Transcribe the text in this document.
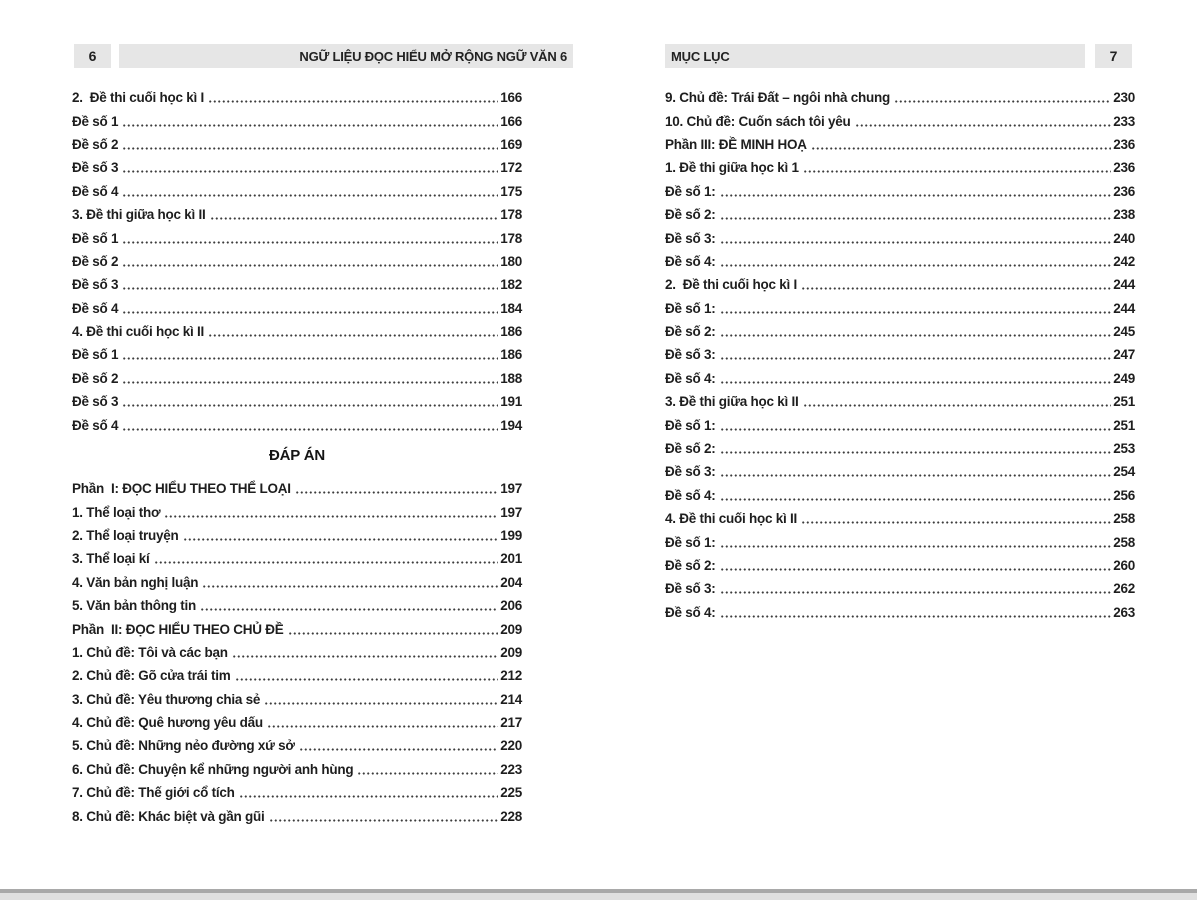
6	NGỮ LIỆU ĐỌC HIỂU MỞ RỘNG NGỮ VĂN 6	MỤC LỤC	7
2.  Đề thi cuối học kì I	166
Đề số 1	166
Đề số 2	169
Đề số 3	172
Đề số 4	175
3. Đề thi giữa học kì II	178
Đề số 1	178
Đề số 2	180
Đề số 3	182
Đề số 4	184
4. Đề thi cuối học kì II	186
Đề số 1	186
Đề số 2	188
Đề số 3	191
Đề số 4	194
ĐÁP ÁN
Phần  I: ĐỌC HIỂU THEO THỂ LOẠI	197
1. Thể loại thơ	197
2. Thể loại truyện	199
3. Thể loại kí	201
4. Văn bản nghị luận	204
5. Văn bản thông tin	206
Phần  II: ĐỌC HIỂU THEO CHỦ ĐỀ	209
1. Chủ đề: Tôi và các bạn	209
2. Chủ đề: Gõ cửa trái tim	212
3. Chủ đề: Yêu thương chia sẻ	214
4. Chủ đề: Quê hương yêu dấu	217
5. Chủ đề: Những nẻo đường xứ sở	220
6. Chủ đề: Chuyện kể những người anh hùng	223
7. Chủ đề: Thế giới cổ tích	225
8. Chủ đề: Khác biệt và gần gũi	228
9. Chủ đề: Trái Đất – ngôi nhà chung	230
10. Chủ đề: Cuốn sách tôi yêu	233
Phần III: ĐỀ MINH HOẠ	236
1. Đề thi giữa học kì 1	236
Đề số 1:	236
Đề số 2:	238
Đề số 3:	240
Đề số 4:	242
2.  Đề thi cuối học kì I	244
Đề số 1:	244
Đề số 2:	245
Đề số 3:	247
Đề số 4:	249
3. Đề thi giữa học kì II	251
Đề số 1:	251
Đề số 2:	253
Đề số 3:	254
Đề số 4:	256
4. Đề thi cuối học kì II	258
Đề số 1:	258
Đề số 2:	260
Đề số 3:	262
Đề số 4:	263
